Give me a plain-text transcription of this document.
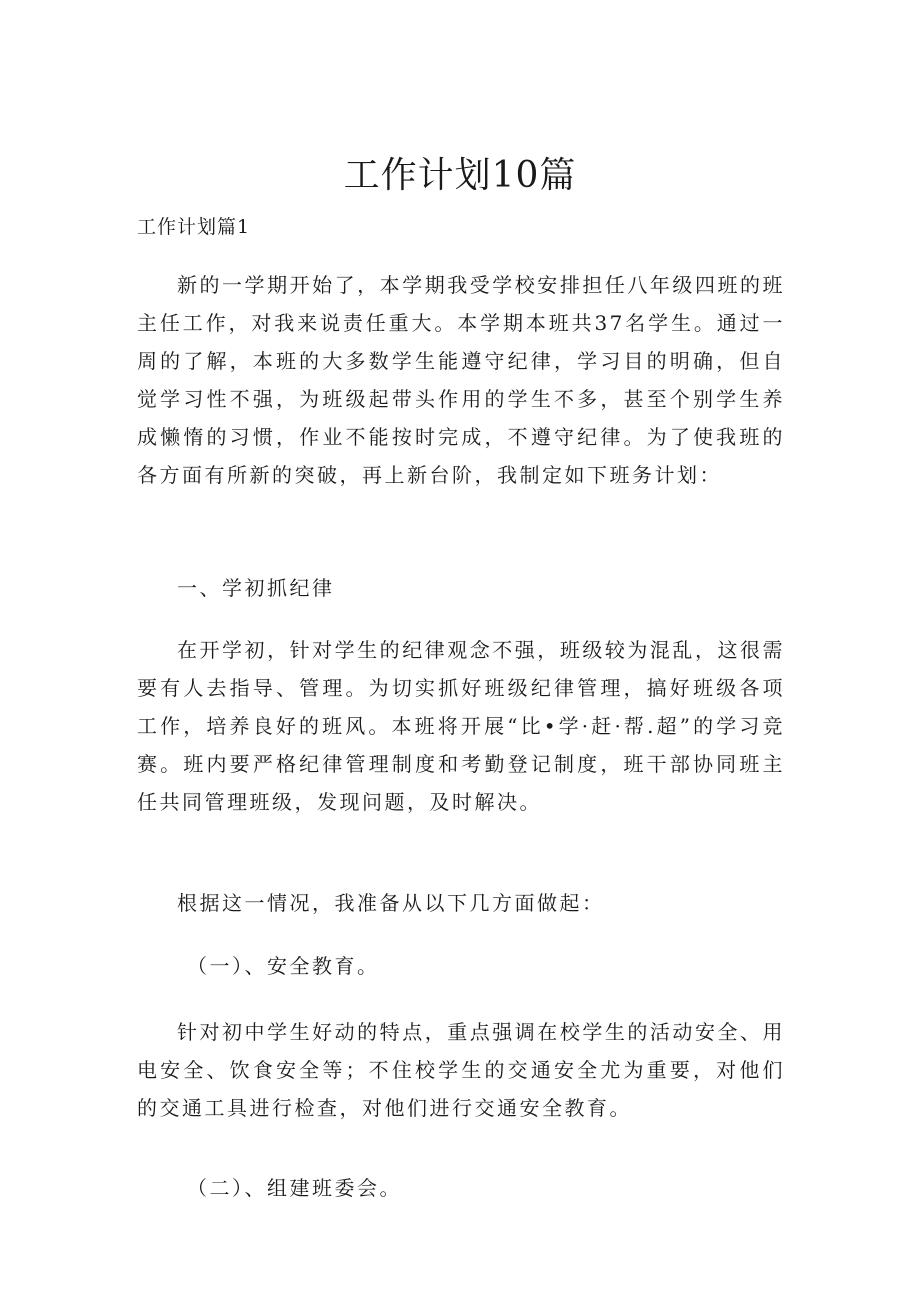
工作计划10篇
工作计划篇1

新的一学期开始了，本学期我受学校安排担任八年级四班的班主任工作，对我来说责任重大。本学期本班共37名学生。通过一周的了解，本班的大多数学生能遵守纪律，学习目的明确，但自觉学习性不强，为班级起带头作用的学生不多，甚至个别学生养成懒惰的习惯，作业不能按时完成，不遵守纪律。为了使我班的各方面有所新的突破，再上新台阶，我制定如下班务计划：

一、学初抓纪律

在开学初，针对学生的纪律观念不强，班级较为混乱，这很需要有人去指导、管理。为切实抓好班级纪律管理，搞好班级各项工作，培养良好的班风。本班将开展“比•学·赶·帮.超”的学习竞赛。班内要严格纪律管理制度和考勤登记制度，班干部协同班主任共同管理班级，发现问题，及时解决。

根据这一情况，我准备从以下几方面做起：

（一）、安全教育。

针对初中学生好动的特点，重点强调在校学生的活动安全、用电安全、饮食安全等；不住校学生的交通安全尤为重要，对他们的交通工具进行检查，对他们进行交通安全教育。

（二）、组建班委会。
